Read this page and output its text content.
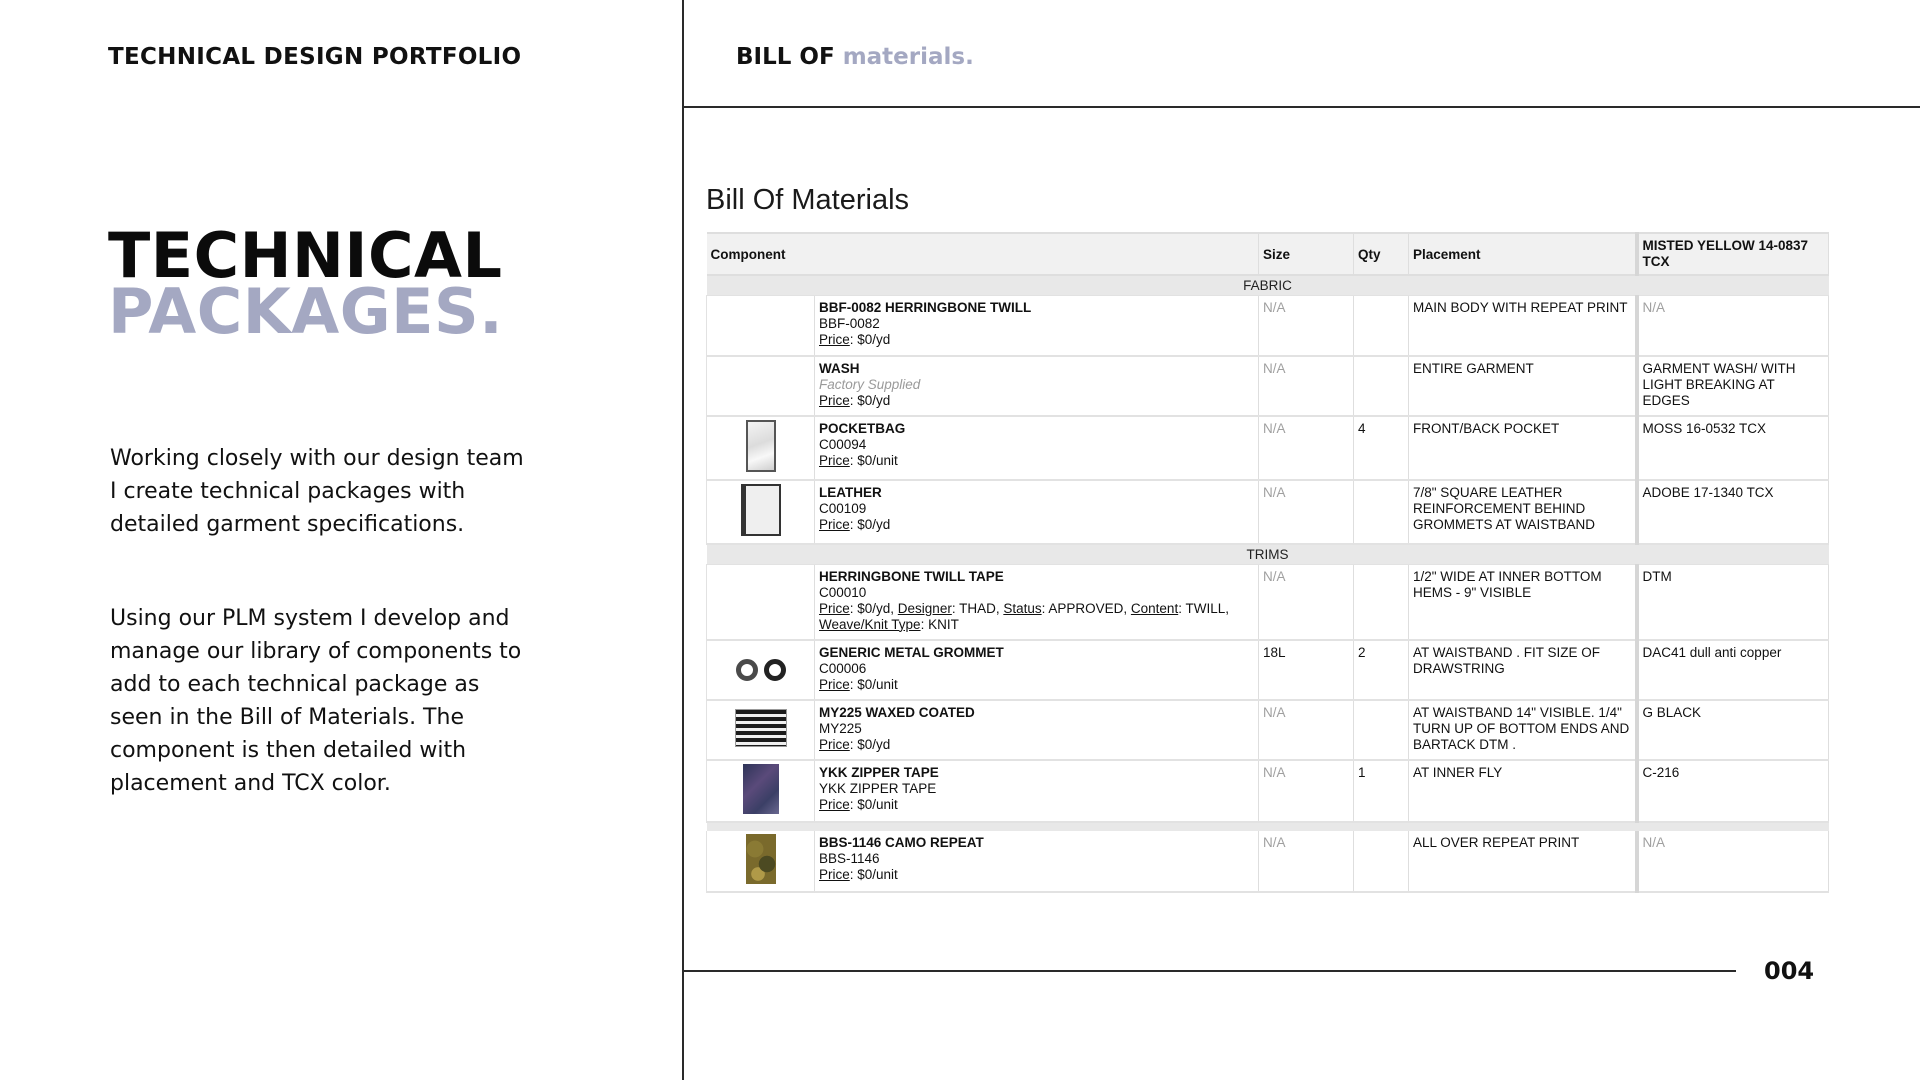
TECHNICAL DESIGN PORTFOLIO
TECHNICAL
PACKAGES.

Working closely with our design team I create technical packages with detailed garment specifications.

Using our PLM system I develop and manage our library of components to add to each technical package as seen in the Bill of Materials. The component is then detailed with placement and TCX color.

BILL OF materials.
Bill Of Materials
Component		Size	Qty	Placement	MISTED YELLOW 14-0837 TCX
FABRIC					

	BBF-0082 HERRINGBONE TWILL
BBF-0082
Price: $0/yd	N/A		MAIN BODY WITH REPEAT PRINT	N/A

	WASH
Factory Supplied
Price: $0/yd	N/A		ENTIRE GARMENT	GARMENT WASH/ WITH LIGHT BREAKING AT EDGES

	POCKETBAG
C00094
Price: $0/unit	N/A	4	FRONT/BACK POCKET	MOSS 16-0532 TCX

	LEATHER
C00109
Price: $0/yd	N/A		7/8" SQUARE LEATHER REINFORCEMENT BEHIND GROMMETS AT WAISTBAND	ADOBE 17-1340 TCX
TRIMS					

	HERRINGBONE TWILL TAPE
C00010
Price: $0/yd, Designer: THAD, Status: APPROVED, Content: TWILL,
Weave/Knit Type: KNIT	N/A		1/2" WIDE AT INNER BOTTOM HEMS - 9" VISIBLE	DTM

	GENERIC METAL GROMMET
C00006
Price: $0/unit	18L	2	AT WAISTBAND . FIT SIZE OF DRAWSTRING	DAC41 dull anti copper

	MY225 WAXED COATED
MY225
Price: $0/yd	N/A		AT WAISTBAND 14" VISIBLE. 1/4" TURN UP OF BOTTOM ENDS AND BARTACK DTM .	G BLACK

	YKK ZIPPER TAPE
YKK ZIPPER TAPE
Price: $0/unit	N/A	1	AT INNER FLY	C-216

	BBS-1146 CAMO REPEAT
BBS-1146
Price: $0/unit	N/A		ALL OVER REPEAT PRINT	N/A
004
